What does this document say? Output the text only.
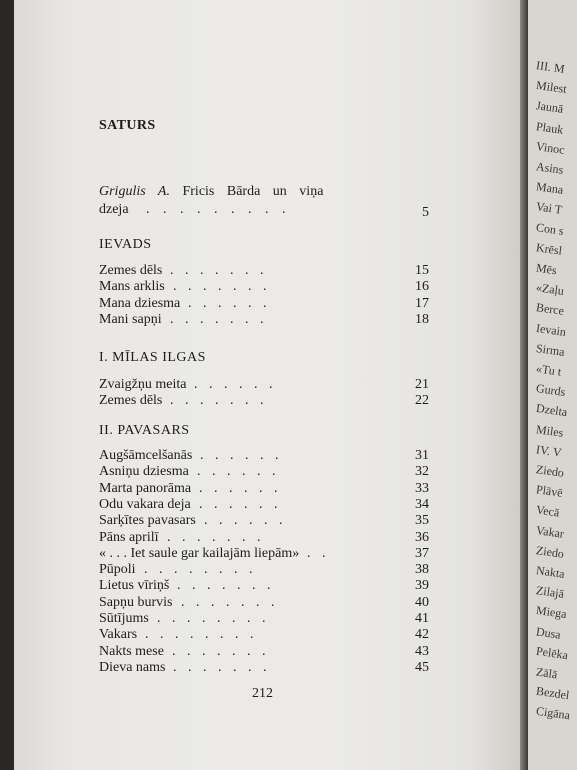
III. M
Milest
Jaunā
Plauk
Vinoc
Asins
Mana
Vai T
Con s
Krēsl
Mēs
«Zaļu
Berce
Ievain
Sirma
«Tu t
Gurds
Dzelta
Miles
IV. V
Ziedo
Plāvē
Vecā
Vakar
Ziedo
Nakta
Zilajā
Miega
Dusa
Pelēka
Zālā
Bezdel
Cigāna
SATURS
Grigulis A. Fricis Bārda un viņa
dzeja . . . . . . . . .	5
IEVADS
I. MĪLAS ILGAS
II. PAVASARS
Zemes dēls . . . . . . .	15
Mans arklis . . . . . . .	16
Mana dziesma . . . . . .	17
Mani sapņi . . . . . . .	18
Zvaigžņu meita . . . . . .	21
Zemes dēls . . . . . . .	22
Augšāmcelšanās . . . . . .	31
Asniņu dziesma . . . . . .	32
Marta panorāma . . . . . .	33
Odu vakara deja . . . . . .	34
Sarķītes pavasars . . . . . .	35
Pāns aprilī . . . . . . .	36
« . . . Iet saule gar kailajām liepām» . .	37
Pūpoli . . . . . . . .	38
Lietus vīriņš . . . . . . .	39
Sapņu burvis . . . . . . .	40
Sūtījums . . . . . . . .	41
Vakars . . . . . . . .	42
Nakts mese . . . . . . .	43
Dieva nams . . . . . . .	45
212
